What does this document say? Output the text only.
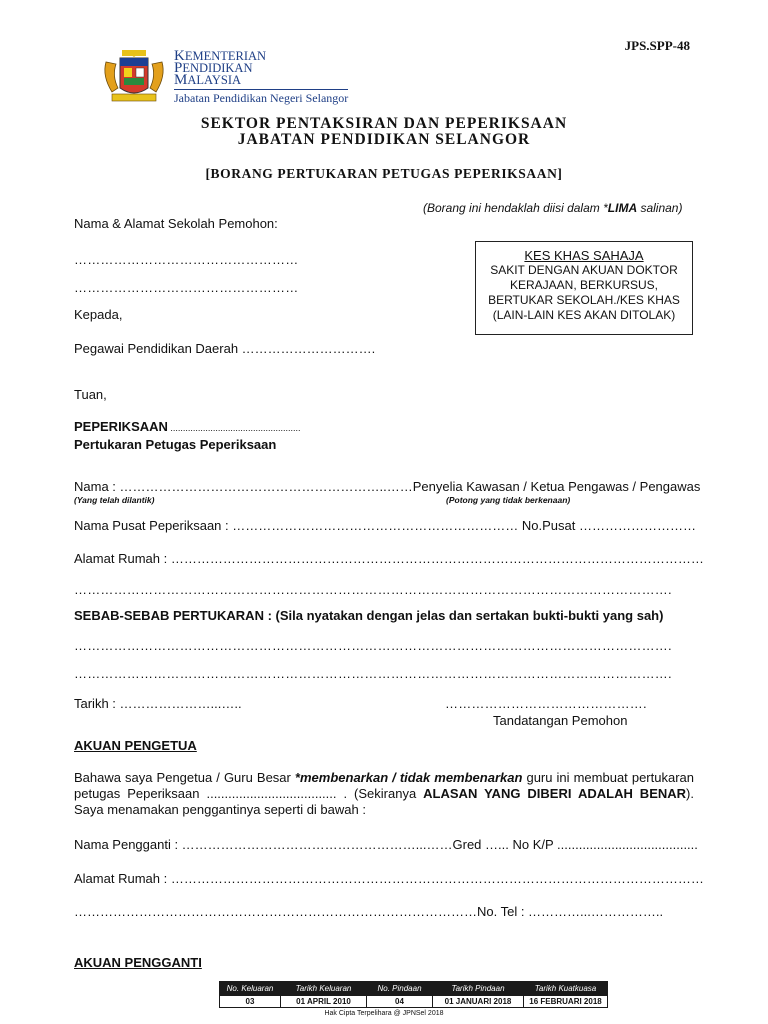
JPS.SPP-48
KEMENTERIAN
PENDIDIKAN
MALAYSIA
Jabatan Pendidikan Negeri Selangor
SEKTOR PENTAKSIRAN DAN PEPERIKSAAN
JABATAN PENDIDIKAN SELANGOR
[BORANG PERTUKARAN PETUGAS PEPERIKSAAN]
(Borang ini hendaklah diisi dalam *LIMA salinan)
Nama & Alamat Sekolah Pemohon:
……………………………………………
……………………………………………
KES KHAS SAHAJA
SAKIT DENGAN AKUAN DOKTOR
KERAJAAN, BERKURSUS,
BERTUKAR SEKOLAH./KES KHAS
(LAIN-LAIN KES AKAN DITOLAK)
Kepada,
Pegawai Pendidikan Daerah ………………………….
Tuan,
PEPERIKSAAN ....................................................
Pertukaran Petugas Peperiksaan
Nama : ……………………………………………………..……Penyelia Kawasan / Ketua Pengawas / Pengawas
(Yang telah dilantik)	(Potong yang tidak berkenaan)
Nama Pusat Peperiksaan : ………………………………………………………… No.Pusat ………………………
Alamat Rumah : ……………………………………………………………………………………………………………
……………………………………………………………………………………………………………………….
SEBAB-SEBAB PERTUKARAN : (Sila nyatakan dengan jelas dan sertakan bukti-bukti yang sah)
……………………………………………………………………………………………………………………….
……………………………………………………………………………………………………………………….
Tarikh : …………………...…..	……………………………………….
Tandatangan Pemohon
AKUAN PENGETUA
Bahawa saya Pengetua / Guru Besar *membenarkan / tidak membenarkan guru ini membuat pertukaran petugas Peperiksaan .................................... . (Sekiranya ALASAN YANG DIBERI ADALAH BENAR). Saya menamakan penggantinya seperti di bawah :
Nama Pengganti : ………………………………………………...……Gred …... No K/P .......................................
Alamat Rumah : ……………………………………………………………………………………………………………
…………………………………………………………………………………No. Tel : …………...……………..
AKUAN PENGGANTI
No. Keluaran	Tarikh Keluaran	No. Pindaan	Tarikh Pindaan	Tarikh Kuatkuasa
03	01 APRIL 2010	04	01 JANUARI 2018	16 FEBRUARI 2018
Hak Cipta Terpelihara @ JPNSel 2018
